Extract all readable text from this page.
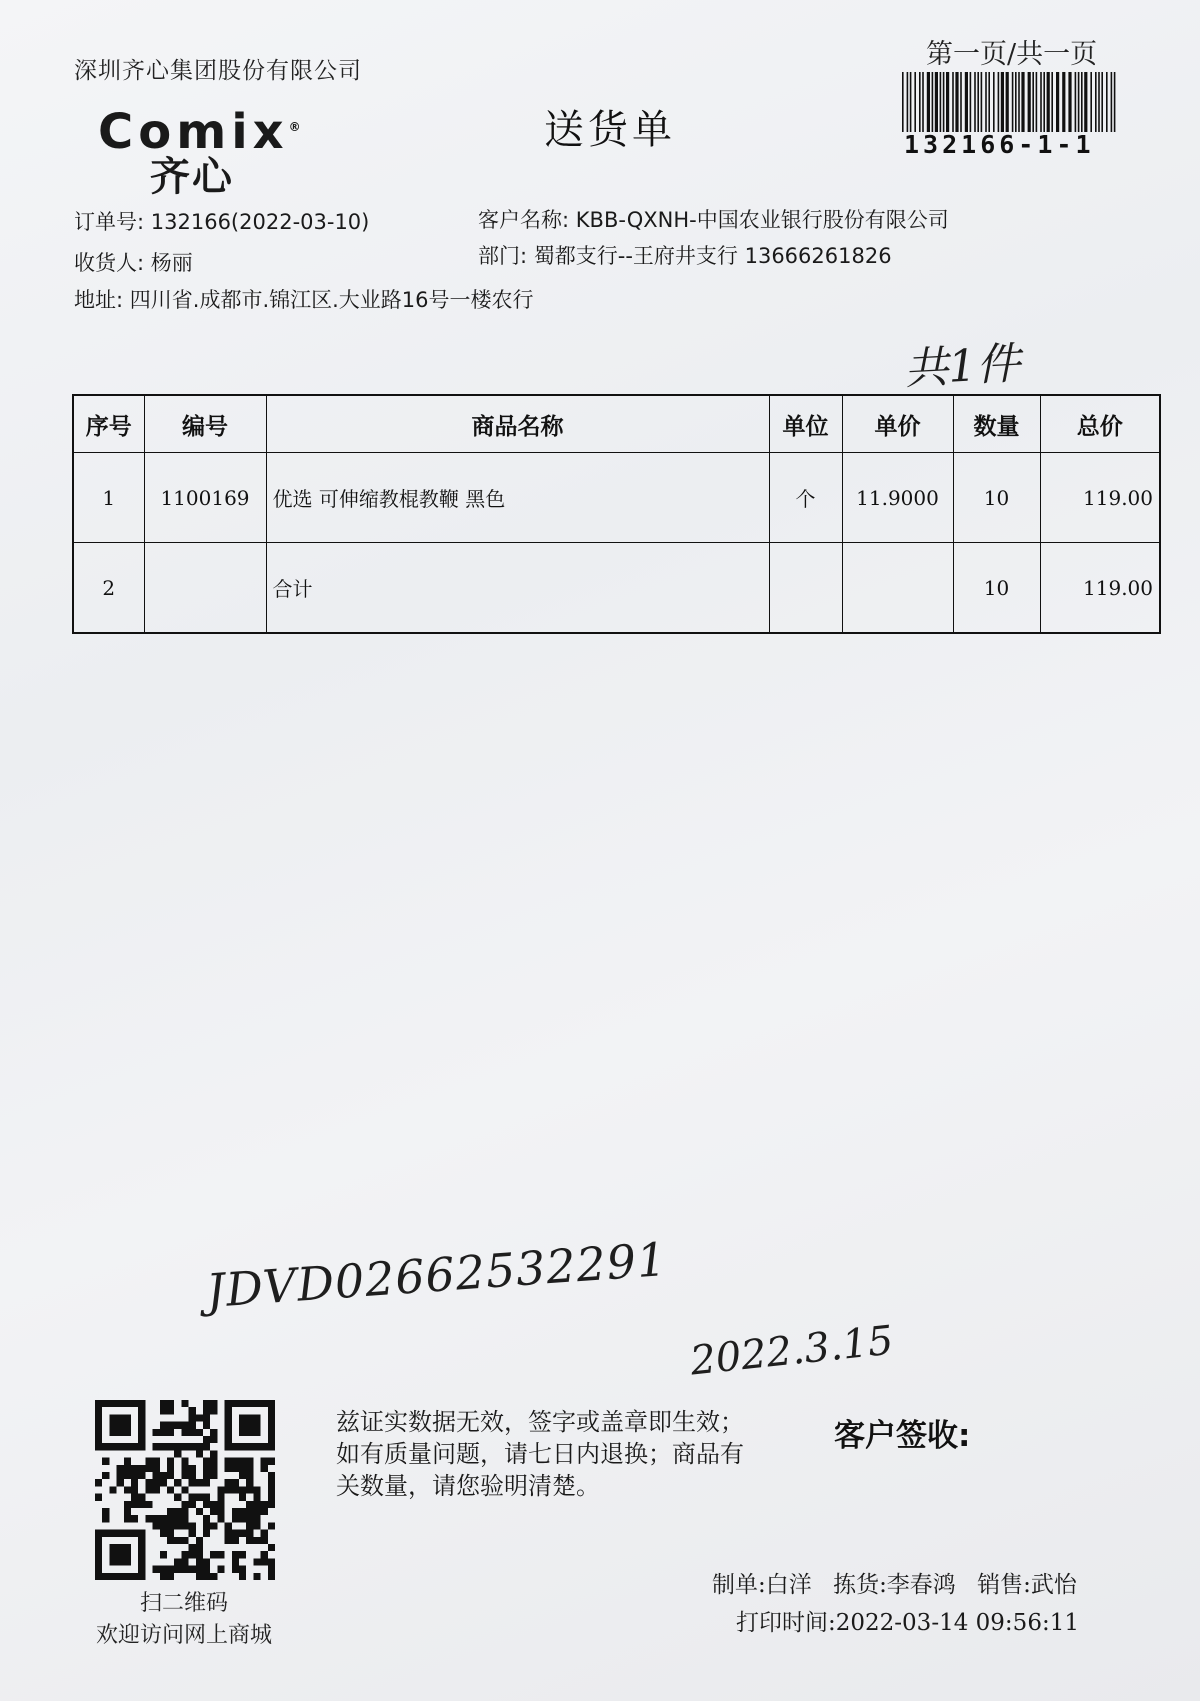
深圳齐心集团股份有限公司
Comix®
齐心
送货单
第一页/共一页
132166-1-1
订单号: 132166(2022-03-10)	客户名称: KBB-QXNH-中国农业银行股份有限公司
收货人: 杨丽	部门: 蜀都支行--王府井支行 13666261826
地址: 四川省.成都市.锦江区.大业路16号一楼农行
共1件
序号	编号	商品名称	单位	单价	数量	总价
1	1100169	优选 可伸缩教棍教鞭 黑色	个	11.9000	10	119.00
2		合计			10	119.00
JDVD02662532291
2022.3.15
扫二维码
欢迎访问网上商城
兹证实数据无效，签字或盖章即生效；如有质量问题，请七日内退换；商品有关数量，请您验明清楚。
客户签收:
制单:白洋 拣货:李春鸿 销售:武怡
打印时间:2022-03-14 09:56:11
